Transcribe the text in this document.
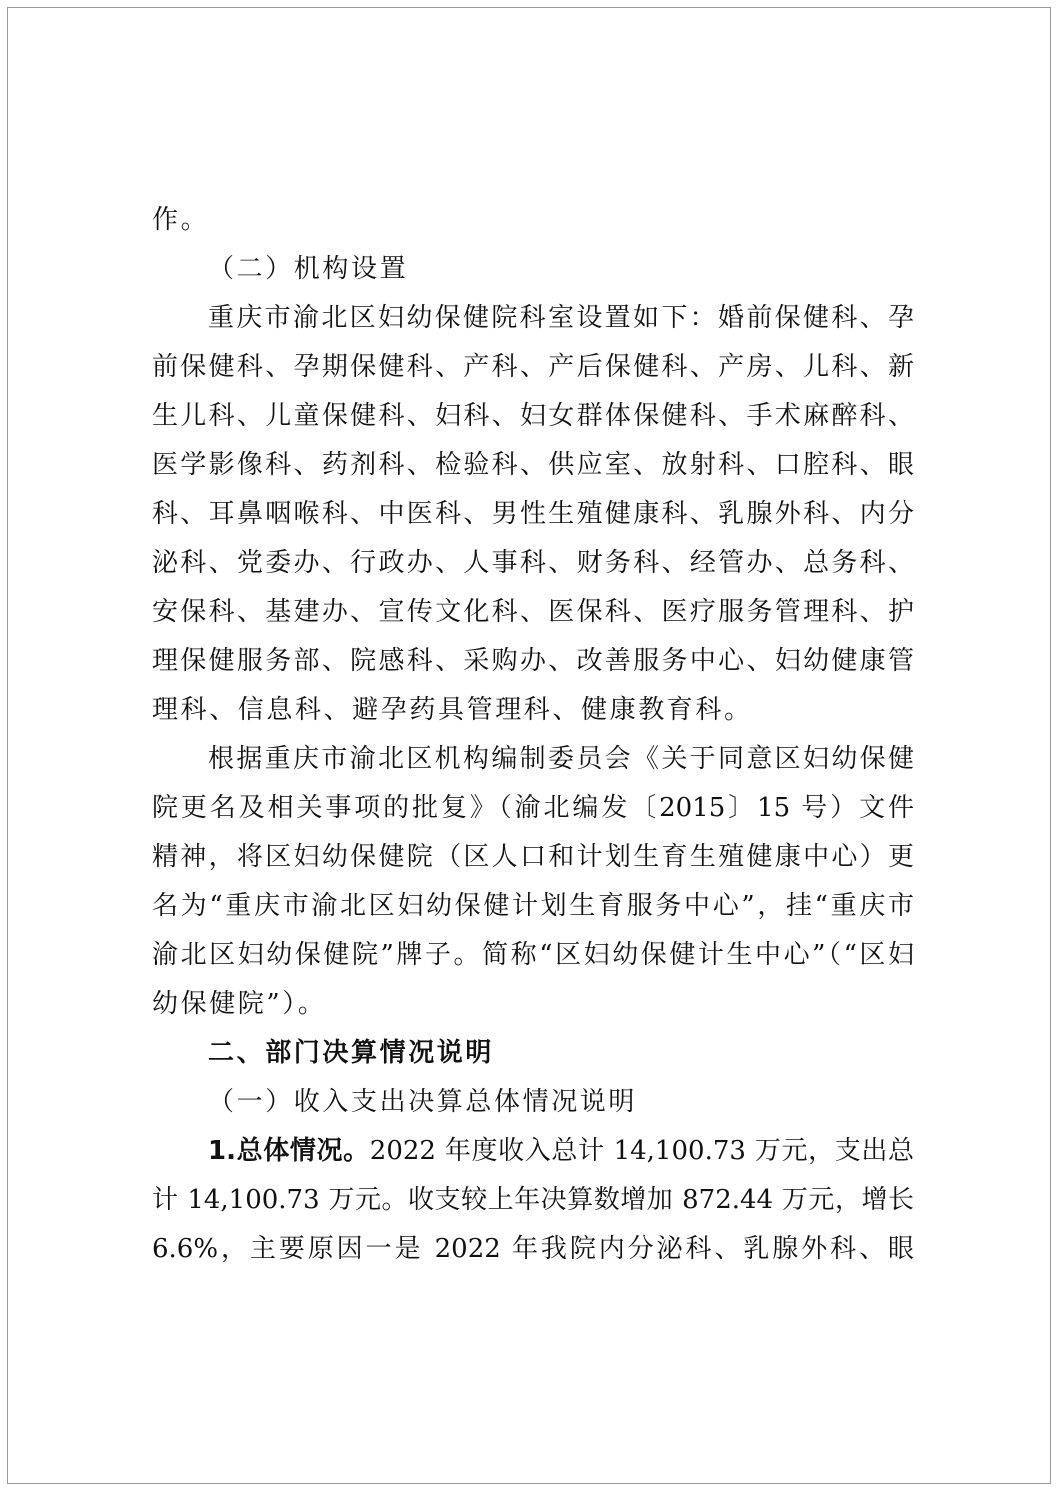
作。
（二）机构设置
重庆市渝北区妇幼保健院科室设置如下：婚前保健科、孕
前保健科、孕期保健科、产科、产后保健科、产房、儿科、新
生儿科、儿童保健科、妇科、妇女群体保健科、手术麻醉科、
医学影像科、药剂科、检验科、供应室、放射科、口腔科、眼
科、耳鼻咽喉科、中医科、男性生殖健康科、乳腺外科、内分
泌科、党委办、行政办、人事科、财务科、经管办、总务科、
安保科、基建办、宣传文化科、医保科、医疗服务管理科、护
理保健服务部、院感科、采购办、改善服务中心、妇幼健康管
理科、信息科、避孕药具管理科、健康教育科。
根据重庆市渝北区机构编制委员会《关于同意区妇幼保健
院更名及相关事项的批复》（渝北编发〔2015〕15 号）文件
精神，将区妇幼保健院（区人口和计划生育生殖健康中心）更
名为“重庆市渝北区妇幼保健计划生育服务中心”，挂“重庆市
渝北区妇幼保健院”牌子。简称“区妇幼保健计生中心”（“区妇
幼保健院”）。
二、部门决算情况说明
（一）收入支出决算总体情况说明
1.总体情况。2022 年度收入总计 14,100.73 万元，支出总
计 14,100.73 万元。收支较上年决算数增加 872.44 万元，增长
6.6%，主要原因一是 2022 年我院内分泌科、乳腺外科、眼
